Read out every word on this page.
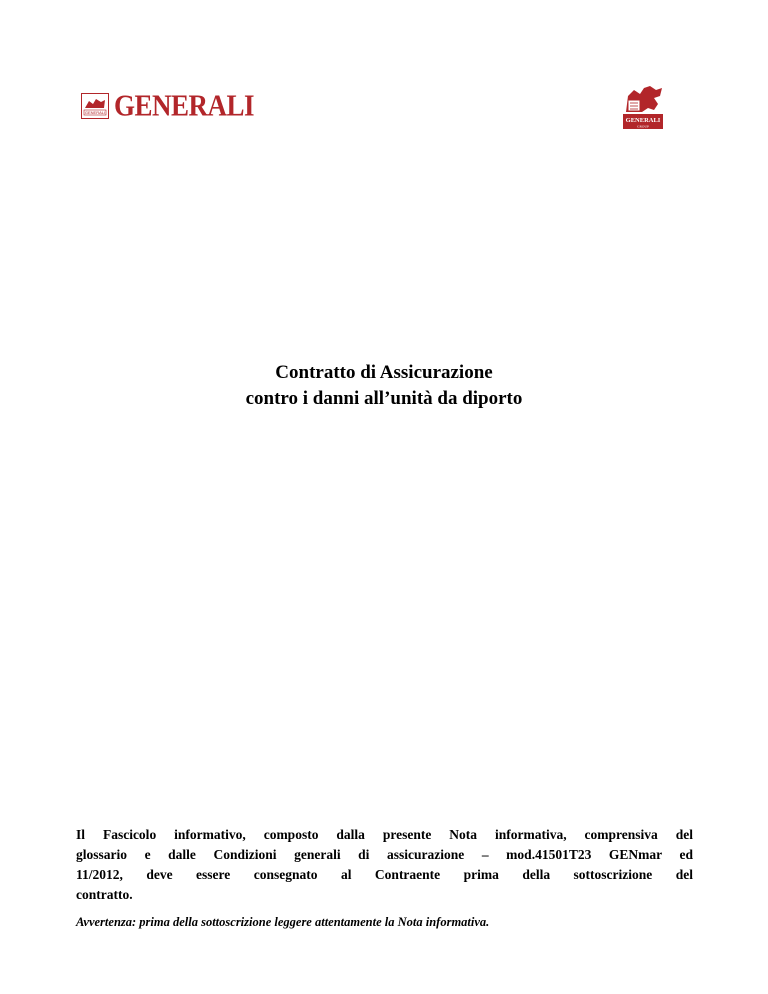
GENERALI GENERALI	GENERALI
GROUP
Contratto di Assicurazione
contro i danni all’unità da diporto
Il Fascicolo informativo, composto dalla presente Nota informativa, comprensiva del
glossario e dalle Condizioni generali di assicurazione – mod.41501T23 GENmar ed
11/2012, deve essere consegnato al Contraente prima della sottoscrizione del
contratto.
Avvertenza: prima della sottoscrizione leggere attentamente la Nota informativa.
